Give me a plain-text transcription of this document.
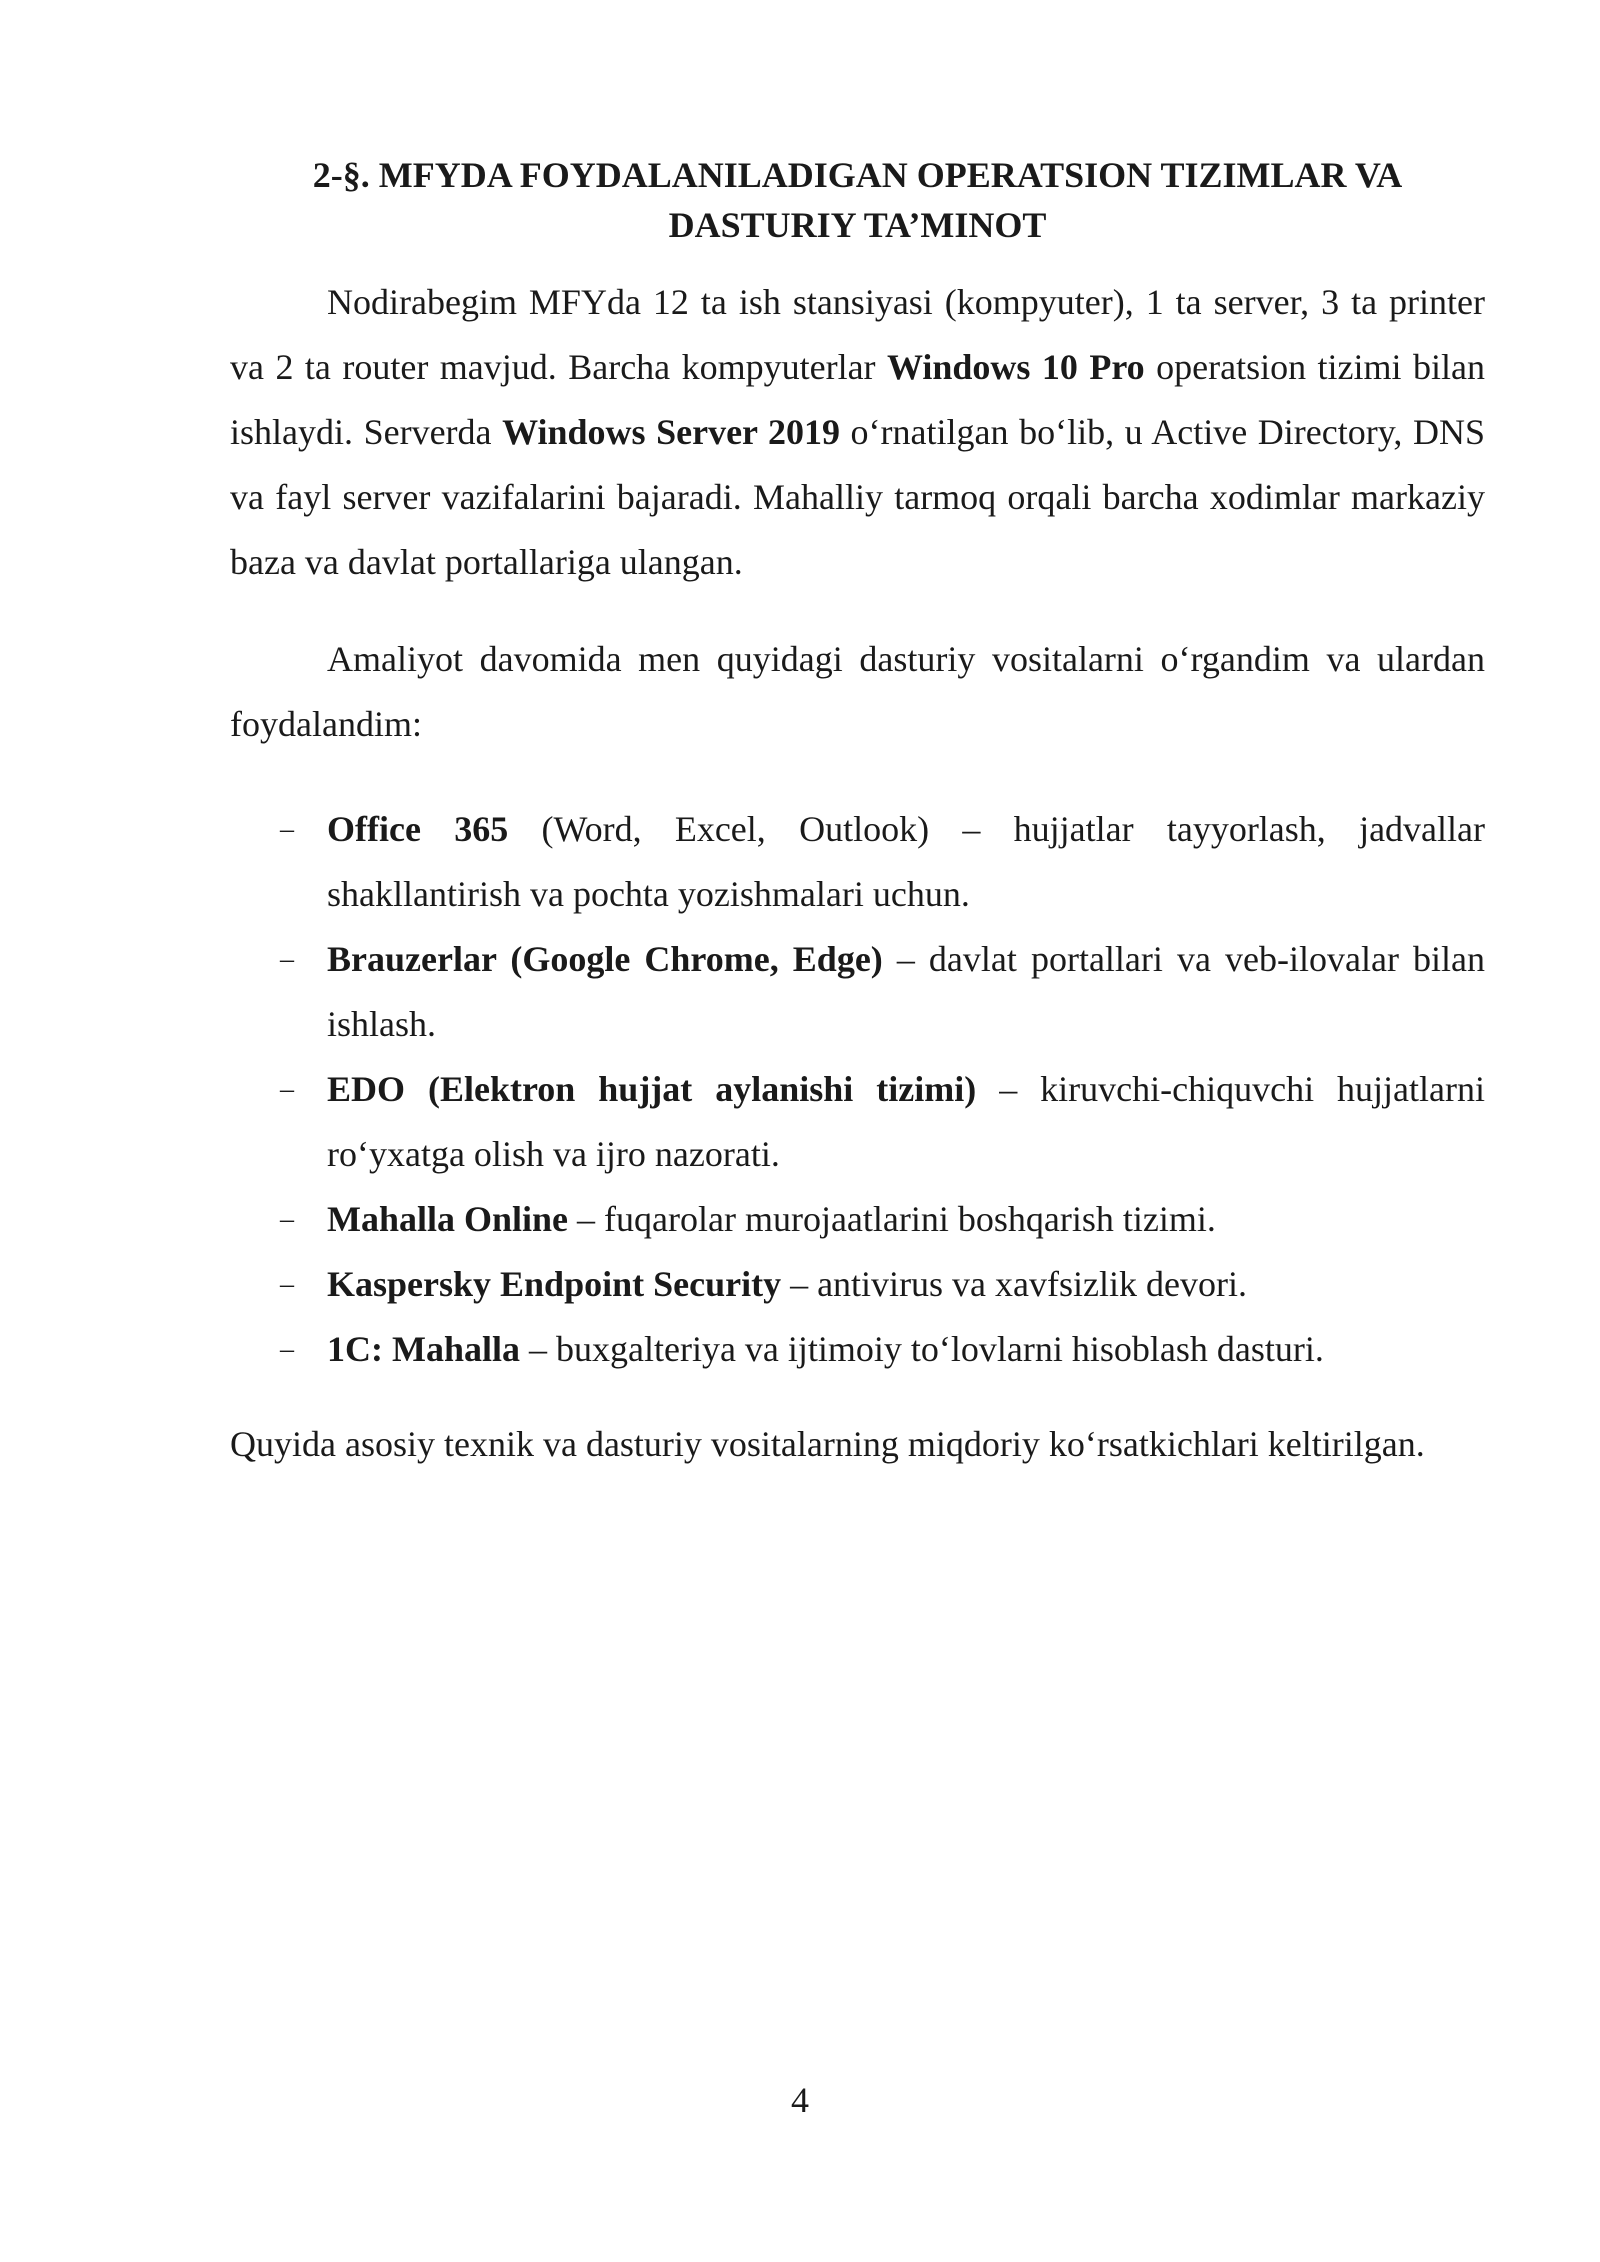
2-§. MFYDA FOYDALANILADIGAN OPERATSION TIZIMLAR VA
DASTURIY TA’MINOT

Nodirabegim MFYda 12 ta ish stansiyasi (kompyuter), 1 ta server, 3 ta printer va 2 ta router mavjud. Barcha kompyuterlar Windows 10 Pro operatsion tizimi bilan ishlaydi. Serverda Windows Server 2019 o‘rnatilgan bo‘lib, u Active Directory, DNS va fayl server vazifalarini bajaradi. Mahalliy tarmoq orqali barcha xodimlar markaziy baza va davlat portallariga ulangan.

Amaliyot davomida men quyidagi dasturiy vositalarni o‘rgandim va ulardan foydalandim:

– Office 365 (Word, Excel, Outlook) – hujjatlar tayyorlash, jadvallar shakllantirish va pochta yozishmalari uchun.
– Brauzerlar (Google Chrome, Edge) – davlat portallari va veb-ilovalar bilan ishlash.
– EDO (Elektron hujjat aylanishi tizimi) – kiruvchi-chiquvchi hujjatlarni ro‘yxatga olish va ijro nazorati.
– Mahalla Online – fuqarolar murojaatlarini boshqarish tizimi.
– Kaspersky Endpoint Security – antivirus va xavfsizlik devori.
– 1C: Mahalla – buxgalteriya va ijtimoiy to‘lovlarni hisoblash dasturi.

Quyida asosiy texnik va dasturiy vositalarning miqdoriy ko‘rsatkichlari keltirilgan.

4
